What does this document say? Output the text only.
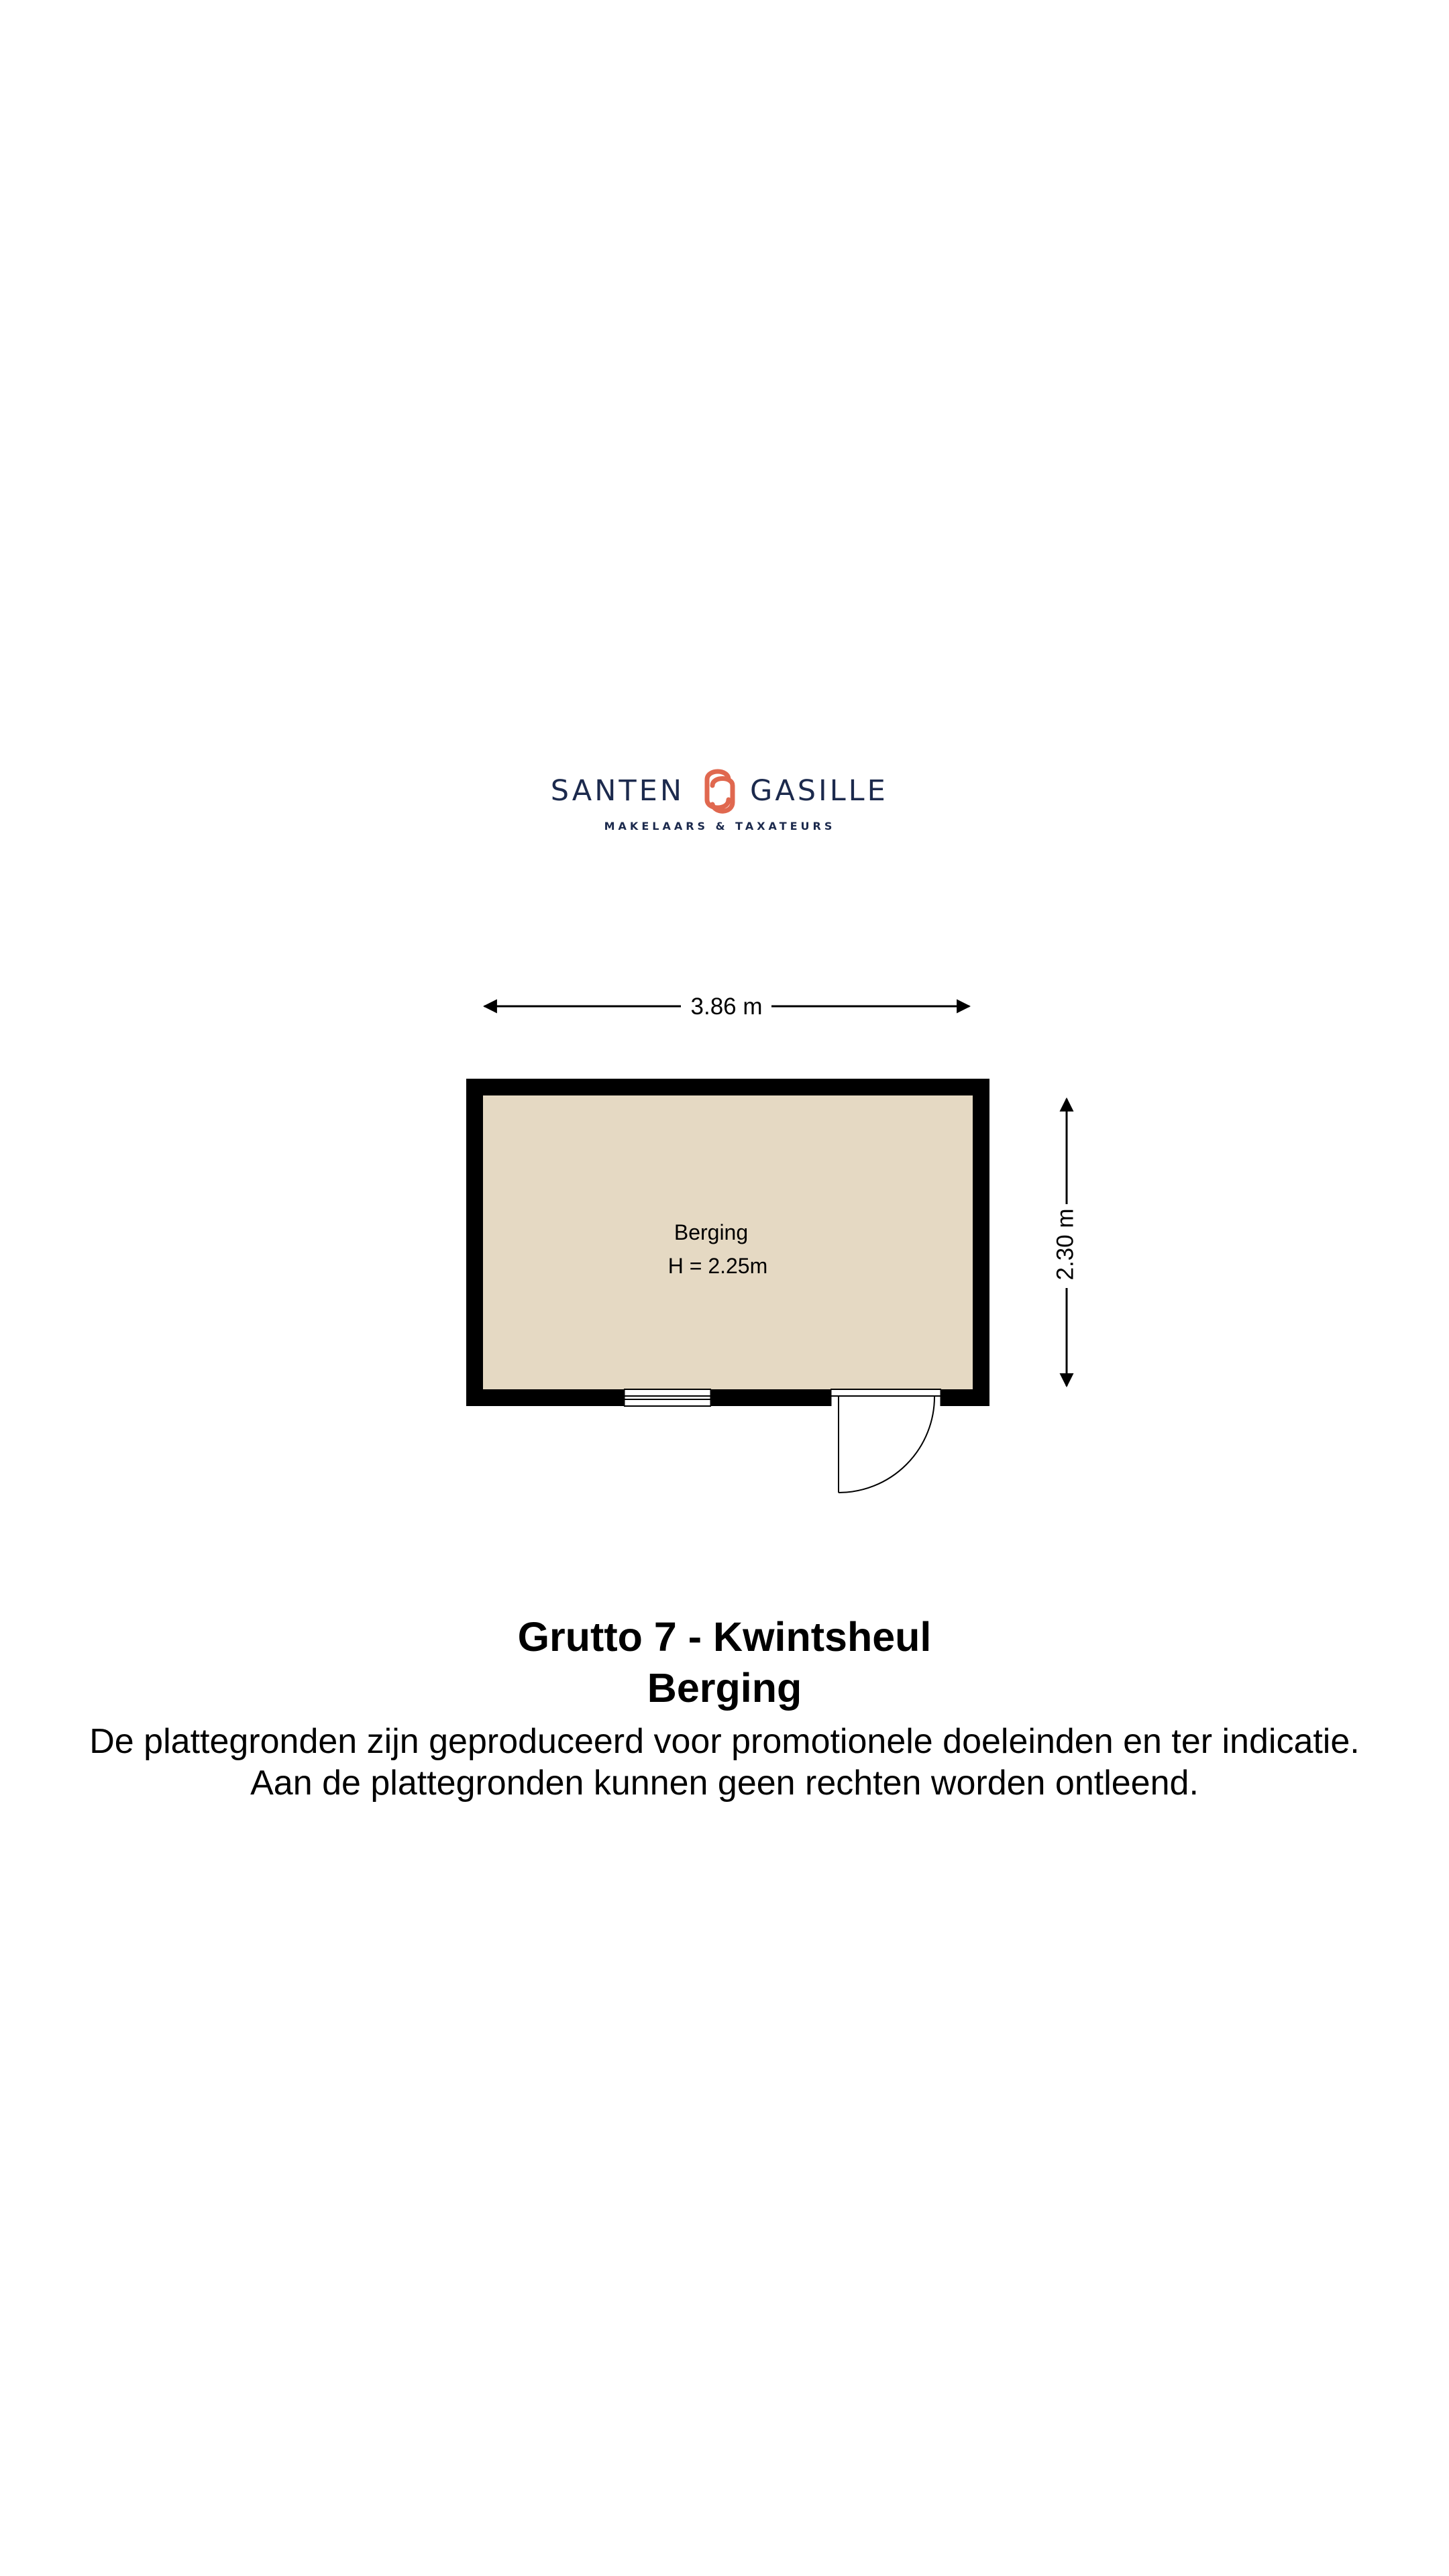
SANTEN GASILLE
MAKELAARS & TAXATEURS
3.86 m
2.30 m
Berging
H = 2.25m
Grutto 7 - Kwintsheul
Berging
De plattegronden zijn geproduceerd voor promotionele doeleinden en ter indicatie.
Aan de plattegronden kunnen geen rechten worden ontleend.
